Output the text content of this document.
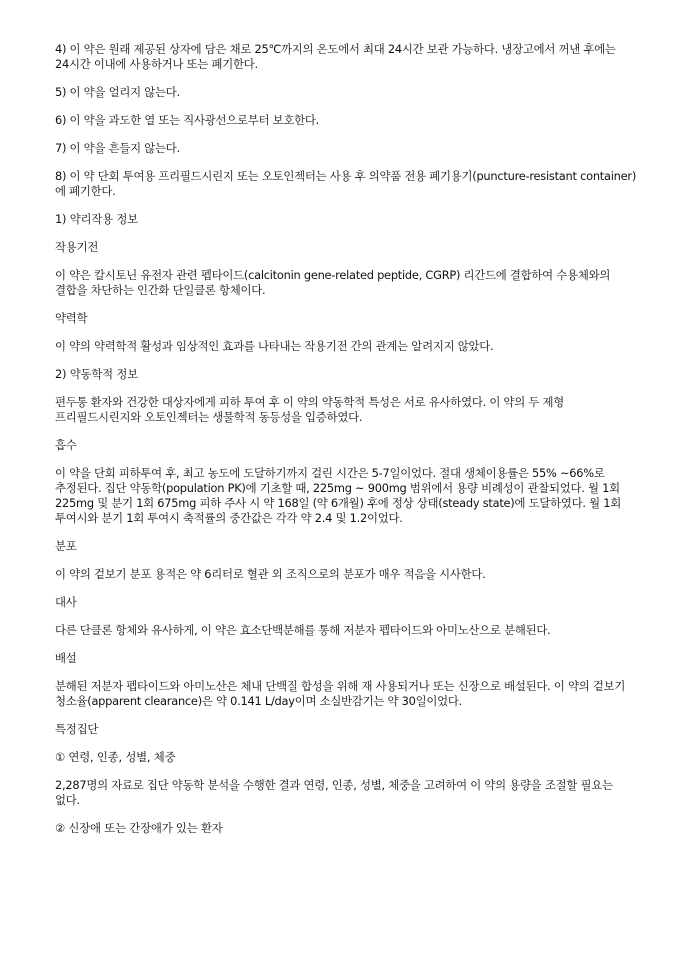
4) 이 약은 원래 제공된 상자에 담은 채로 25℃까지의 온도에서 최대 24시간 보관 가능하다. 냉장고에서 꺼낸 후에는 24시간 이내에 사용하거나 또는 폐기한다.

5) 이 약을 얼리지 않는다.

6) 이 약을 과도한 열 또는 직사광선으로부터 보호한다.

7) 이 약을 흔들지 않는다.

8) 이 약 단회 투여용 프리필드시린지 또는 오토인젝터는 사용 후 의약품 전용 폐기용기(puncture-resistant container)에 폐기한다.

1) 약리작용 정보

작용기전

이 약은 칼시토닌 유전자 관련 펩타이드(calcitonin gene-related peptide, CGRP) 리간드에 결합하여 수용체와의 결합을 차단하는 인간화 단일클론 항체이다.

약력학

이 약의 약력학적 활성과 임상적인 효과를 나타내는 작용기전 간의 관계는 알려지지 않았다.

2) 약동학적 정보

편두통 환자와 건강한 대상자에게 피하 투여 후 이 약의 약동학적 특성은 서로 유사하였다. 이 약의 두 제형 프리필드시린지와 오토인젝터는 생물학적 동등성을 입증하였다.

흡수

이 약을 단회 피하투여 후, 최고 농도에 도달하기까지 걸린 시간은 5-7일이었다. 절대 생체이용률은 55% ~66%로 추정된다. 집단 약동학(population PK)에 기초할 때, 225mg ~ 900mg 범위에서 용량 비례성이 관찰되었다. 월 1회 225mg 및 분기 1회 675mg 피하 주사 시 약 168일 (약 6개월) 후에 정상 상태(steady state)에 도달하였다. 월 1회 투여시와 분기 1회 투여시 축적률의 중간값은 각각 약 2.4 및 1.2이었다.

분포

이 약의 겉보기 분포 용적은 약 6리터로 혈관 외 조직으로의 분포가 매우 적음을 시사한다.

대사

다른 단클론 항체와 유사하게, 이 약은 효소단백분해를 통해 저분자 펩타이드와 아미노산으로 분해된다.

배설

분해된 저분자 펩타이드와 아미노산은 체내 단백질 합성을 위해 재 사용되거나 또는 신장으로 배설된다. 이 약의 겉보기 청소율(apparent clearance)은 약 0.141 L/day이며 소실반감기는 약 30일이었다.

특정집단

① 연령, 인종, 성별, 체중

2,287명의 자료로 집단 약동학 분석을 수행한 결과 연령, 인종, 성별, 체중을 고려하여 이 약의 용량을 조절할 필요는 없다.

② 신장애 또는 간장애가 있는 환자
